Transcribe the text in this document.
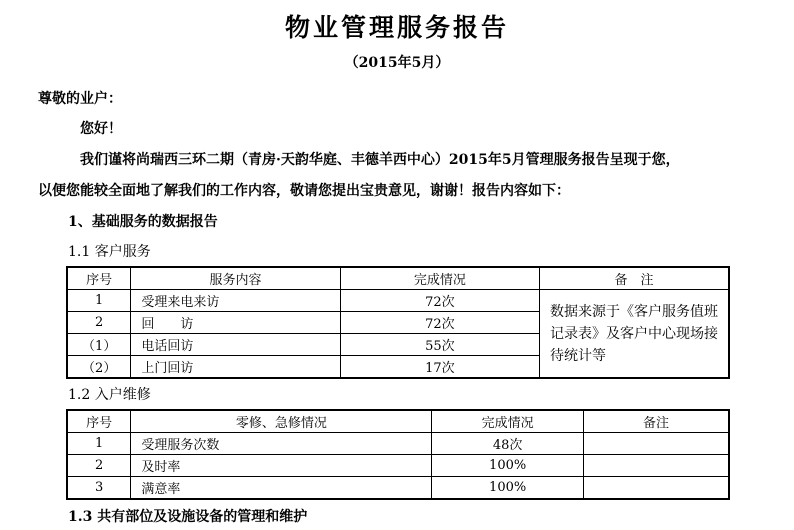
物业管理服务报告
（2015年5月）
尊敬的业户：
您好！
我们谨将尚瑞西三环二期（青房·天韵华庭、丰德羊西中心）2015年5月管理服务报告呈现于您，
以便您能较全面地了解我们的工作内容，敬请您提出宝贵意见，谢谢！报告内容如下：
1、基础服务的数据报告
1.1 客户服务
序号	服务内容	完成情况	备　注
1	受理来电来访	72次	数据来源于《客户服务值班记录表》及客户中心现场接待统计等
2	回　　访	72次	
（1）	电话回访	55次	
（2）	上门回访	17次	
1.2 入户维修
序号	零修、急修情况	完成情况	备注
1	受理服务次数	48次	
2	及时率	100%	
3	满意率	100%	
1.3 共有部位及设施设备的管理和维护
